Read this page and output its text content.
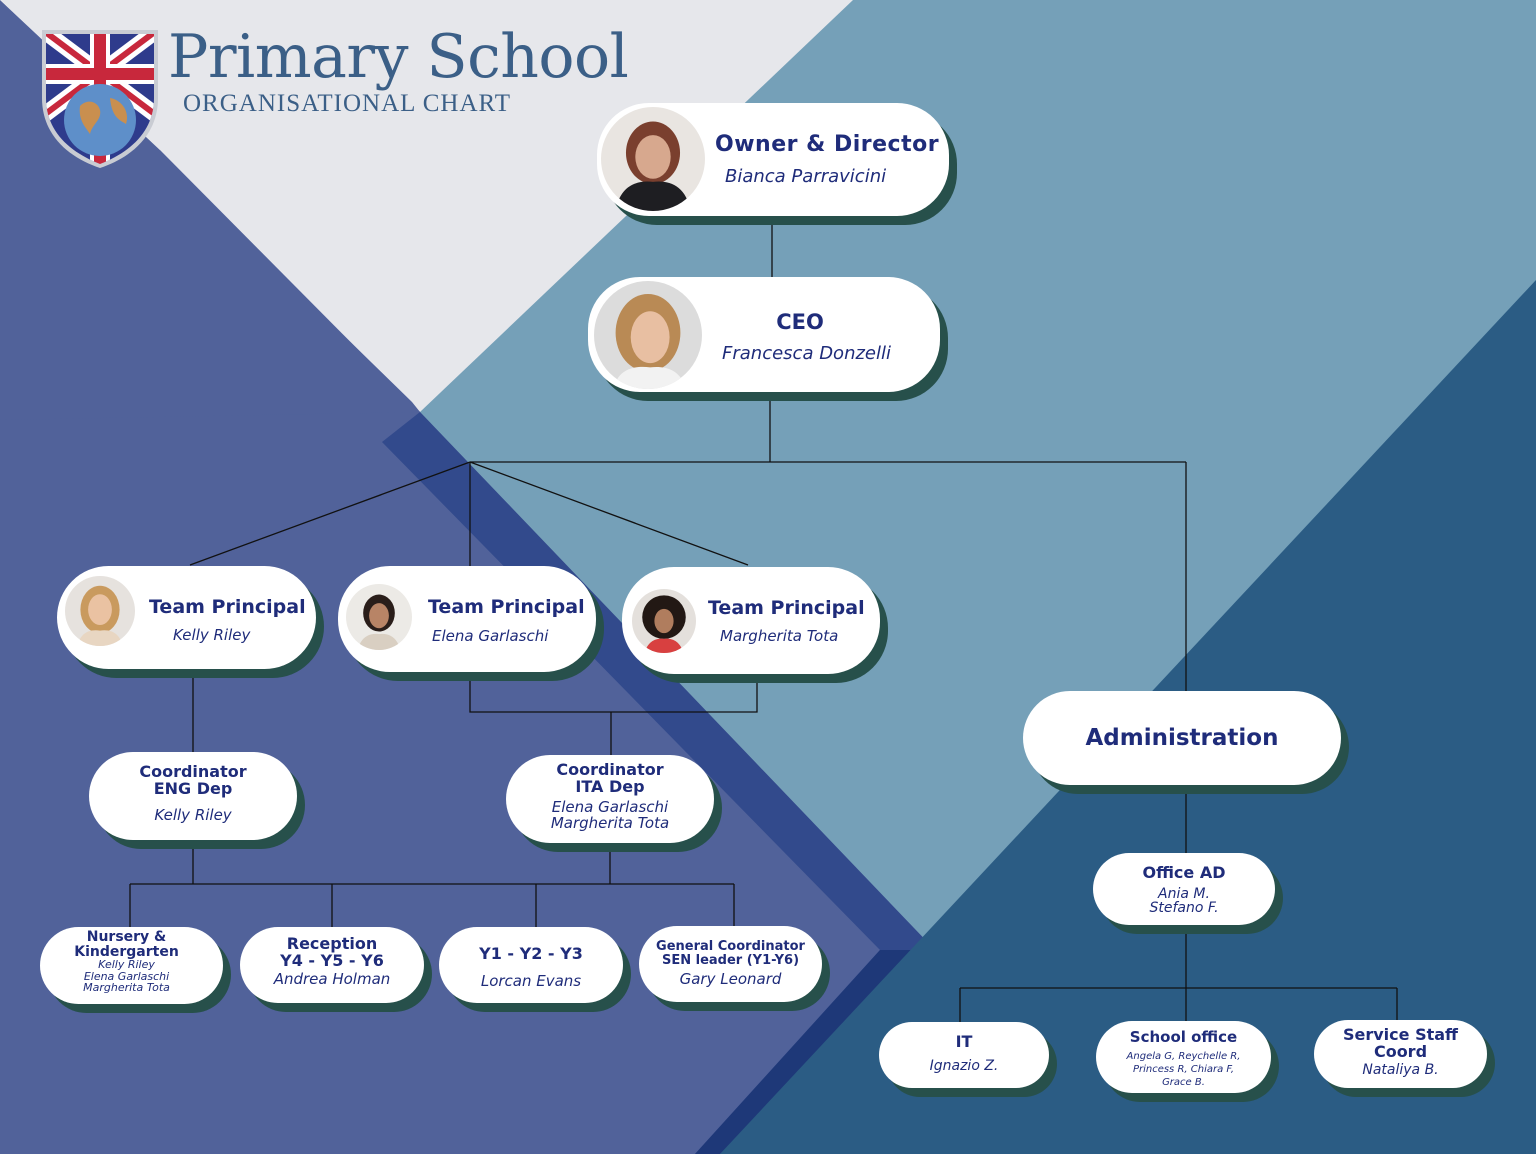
Primary School
ORGANISATIONAL CHART
Owner & Director
Bianca Parravicini
CEO
Francesca Donzelli
Team Principal
Kelly Riley
Team Principal
Elena Garlaschi
Team Principal
Margherita Tota
Administration
Coordinator
ENG Dep
Kelly Riley
Coordinator
ITA Dep
Elena Garlaschi
Margherita Tota
Nursery &
Kindergarten
Kelly Riley
Elena Garlaschi
Margherita Tota
Reception
Y4 - Y5 - Y6
Andrea Holman
Y1 - Y2 - Y3
Lorcan Evans
General Coordinator
SEN leader (Y1-Y6)
Gary Leonard
Office AD
Ania M.
Stefano F.
IT
Ignazio Z.
School office
Angela G, Reychelle R,
Princess R, Chiara F,
Grace B.
Service Staff
Coord
Nataliya B.
